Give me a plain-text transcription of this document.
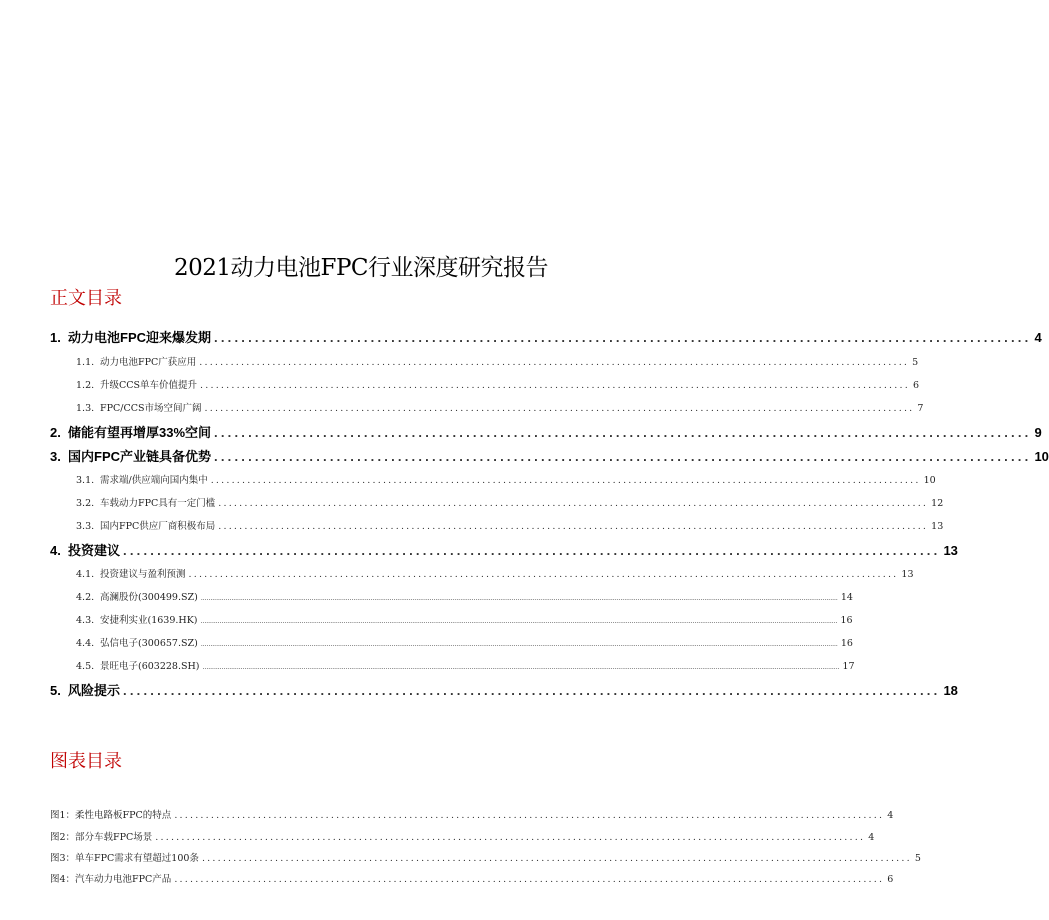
2021动力电池FPC行业深度研究报告
正文目录
1. 动力电池FPC迎来爆发期 ........................................................................................................................ 4
1.1. 动力电池FPC广获应用 ........................................................................................................................................ 5
1.2. 升级CCS单车价值提升 ........................................................................................................................................ 6
1.3. FPC/CCS市场空间广阔 ........................................................................................................................................ 7
2. 储能有望再增厚33%空间 ........................................................................................................................ 9
3. 国内FPC产业链具备优势 ........................................................................................................................ 10
3.1. 需求端/供应端向国内集中 ........................................................................................................................................ 10
3.2. 车载动力FPC具有一定门槛 ........................................................................................................................................ 12
3.3. 国内FPC供应厂商积极布局 ........................................................................................................................................ 13
4. 投资建议 ........................................................................................................................ 13
4.1. 投资建议与盈利预测 ........................................................................................................................................ 13
4.2. 高澜股份(300499.SZ) .............................................................................................................................................................................................................................................................................................................................................. 14
4.3. 安捷利实业(1639.HK) .............................................................................................................................................................................................................................................................................................................................................. 16
4.4. 弘信电子(300657.SZ) .............................................................................................................................................................................................................................................................................................................................................. 16
4.5. 景旺电子(603228.SH) .............................................................................................................................................................................................................................................................................................................................................. 17
5. 风险提示 ........................................................................................................................ 18
图表目录
图1：柔性电路板FPC的特点 ........................................................................................................................................ 4
图2：部分车载FPC场景 ........................................................................................................................................ 4
图3：单车FPC需求有望超过100条 ........................................................................................................................................ 5
图4：汽车动力电池FPC产品 ........................................................................................................................................ 6
